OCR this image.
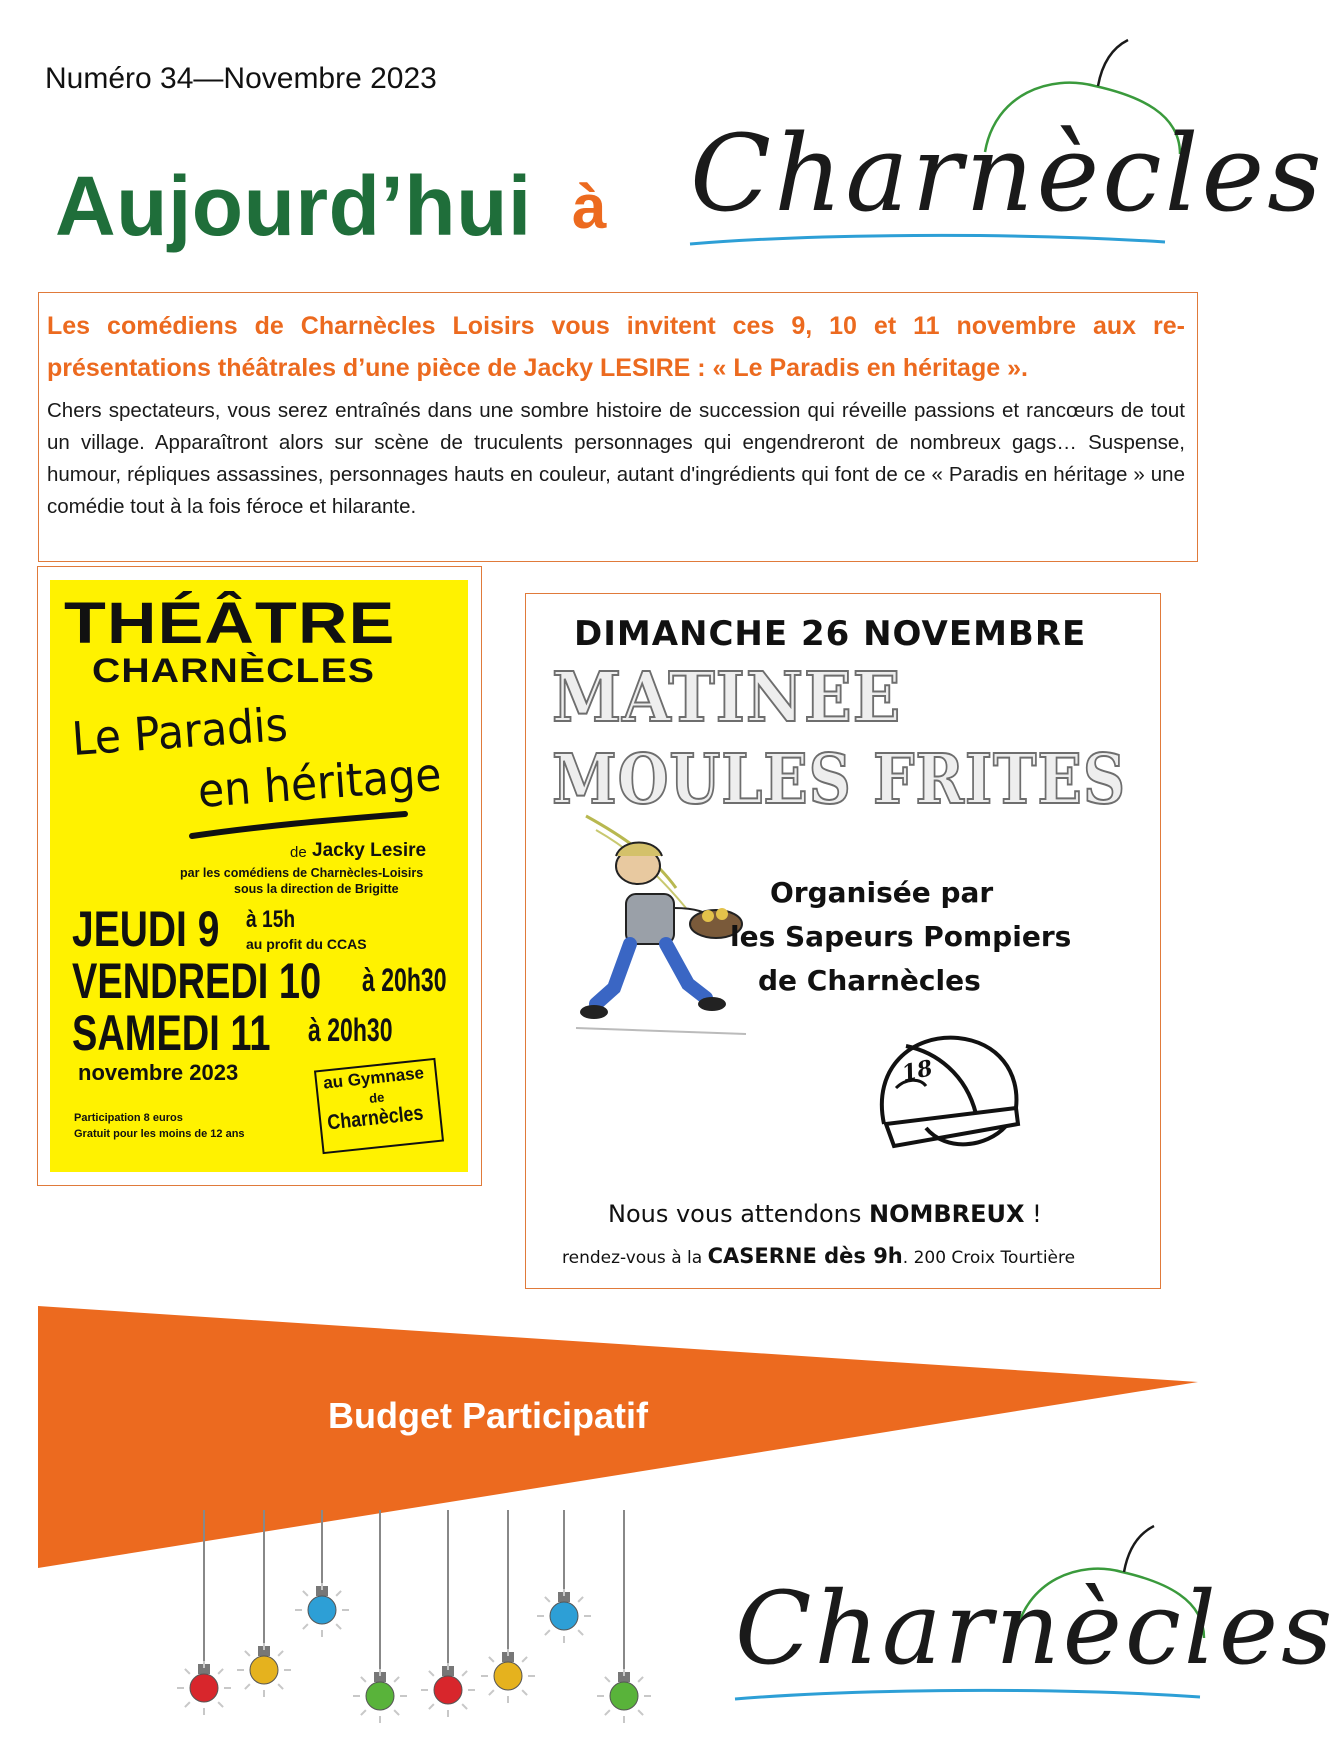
Numéro 34—Novembre 2023
Aujourd’hui à Charnècles
Les comédiens de Charnècles Loisirs vous invitent ces 9, 10 et 11 novembre aux re-présentations théâtrales d’une pièce de Jacky LESIRE : « Le Paradis en héritage ».
Chers spectateurs, vous serez entraînés dans une sombre histoire de succession qui réveille passions et rancœurs de tout un village. Apparaîtront alors sur scène de truculents personnages qui engendreront de nombreux gags… Suspense, humour, répliques assassines, personnages hauts en couleur, autant d'ingrédients qui font de ce « Paradis en héritage » une comédie tout à la fois féroce et hilarante.
THÉÂTRE
CHARNÈCLES
Le Paradis
en héritage
de Jacky Lesire
par les comédiens de Charnècles-Loisirs
sous la direction de Brigitte
JEUDI 9 à 15h
au profit du CCAS
VENDREDI 10 à 20h30
SAMEDI 11 à 20h30
novembre 2023	au Gymnase
de
Charnècles
Participation 8 euros
Gratuit pour les moins de 12 ans
DIMANCHE 26 NOVEMBRE
MATINEE
MOULES FRITES
Organisée par
les Sapeurs Pompiers
de Charnècles
18
Nous vous attendons NOMBREUX !
rendez-vous à la CASERNE dès 9h. 200 Croix Tourtière
Budget Participatif
Charnècles
